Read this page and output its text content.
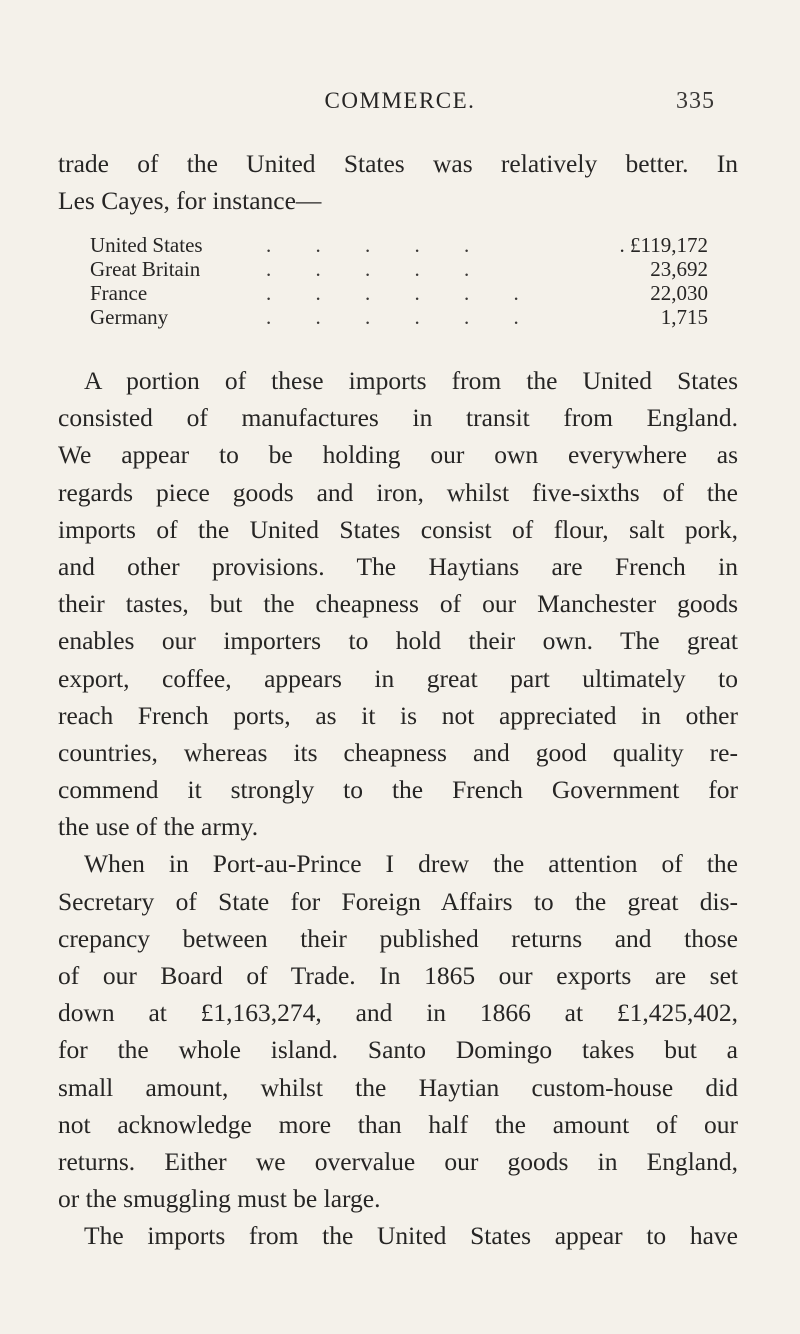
COMMERCE.	335
trade of the United States was relatively better. In
Les Cayes, for instance—
United States	. . . . .	. £119,172
Great Britain	. . . . .	23,692
France	. . . . . .	22,030
Germany	. . . . . .	1,715
A portion of these imports from the United States
consisted of manufactures in transit from England.
We appear to be holding our own everywhere as
regards piece goods and iron, whilst five-sixths of the
imports of the United States consist of flour, salt pork,
and other provisions. The Haytians are French in
their tastes, but the cheapness of our Manchester goods
enables our importers to hold their own. The great
export, coffee, appears in great part ultimately to
reach French ports, as it is not appreciated in other
countries, whereas its cheapness and good quality re-
commend it strongly to the French Government for
the use of the army.
When in Port-au-Prince I drew the attention of the
Secretary of State for Foreign Affairs to the great dis-
crepancy between their published returns and those
of our Board of Trade. In 1865 our exports are set
down at £1,163,274, and in 1866 at £1,425,402,
for the whole island. Santo Domingo takes but a
small amount, whilst the Haytian custom-house did
not acknowledge more than half the amount of our
returns. Either we overvalue our goods in England,
or the smuggling must be large.
The imports from the United States appear to have
